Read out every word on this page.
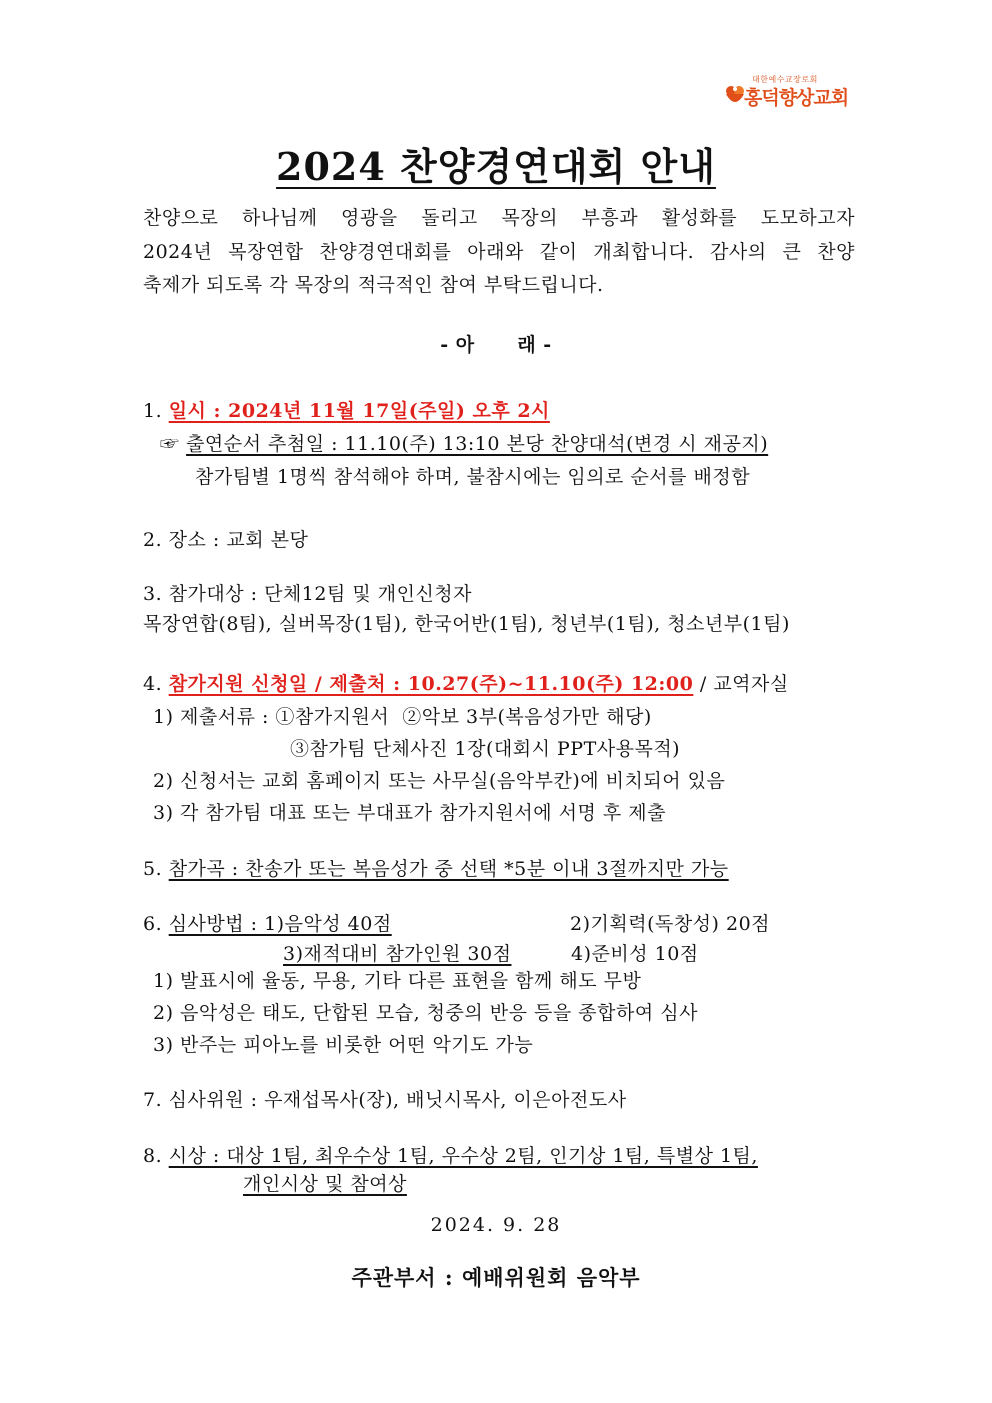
대한예수교장로회
홍덕향상교회
2024 찬양경연대회 안내
찬양으로 하나님께 영광을 돌리고 목장의 부흥과 활성화를 도모하고자
2024년 목장연합 찬양경연대회를 아래와 같이 개최합니다. 감사의 큰 찬양
축제가 되도록 각 목장의 적극적인 참여 부탁드립니다.
- 아      래 -
1. 일시 : 2024년 11월 17일(주일) 오후 2시
☞ 출연순서 추첨일 : 11.10(주) 13:10 본당 찬양대석(변경 시 재공지)
참가팀별 1명씩 참석해야 하며, 불참시에는 임의로 순서를 배정함
2. 장소 : 교회 본당
3. 참가대상 : 단체12팀 및 개인신청자
목장연합(8팀), 실버목장(1팀), 한국어반(1팀), 청년부(1팀), 청소년부(1팀)
4. 참가지원 신청일 / 제출처 : 10.27(주)~11.10(주) 12:00 / 교역자실
1) 제출서류 : ①참가지원서  ②악보 3부(복음성가만 해당)
③참가팀 단체사진 1장(대회시 PPT사용목적)
2) 신청서는 교회 홈페이지 또는 사무실(음악부칸)에 비치되어 있음
3) 각 참가팀 대표 또는 부대표가 참가지원서에 서명 후 제출
5. 참가곡 : 찬송가 또는 복음성가 중 선택 *5분 이내 3절까지만 가능
6. 심사방법 : 1)음악성 40점	2)기획력(독창성) 20점
3)재적대비 참가인원 30점	4)준비성 10점
1) 발표시에 율동, 무용, 기타 다른 표현을 함께 해도 무방
2) 음악성은 태도, 단합된 모습, 청중의 반응 등을 종합하여 심사
3) 반주는 피아노를 비롯한 어떤 악기도 가능
7. 심사위원 : 우재섭목사(장), 배닛시목사, 이은아전도사
8. 시상 : 대상 1팀, 최우수상 1팀, 우수상 2팀, 인기상 1팀, 특별상 1팀,
개인시상 및 참여상
2024. 9. 28
주관부서 : 예배위원회 음악부
